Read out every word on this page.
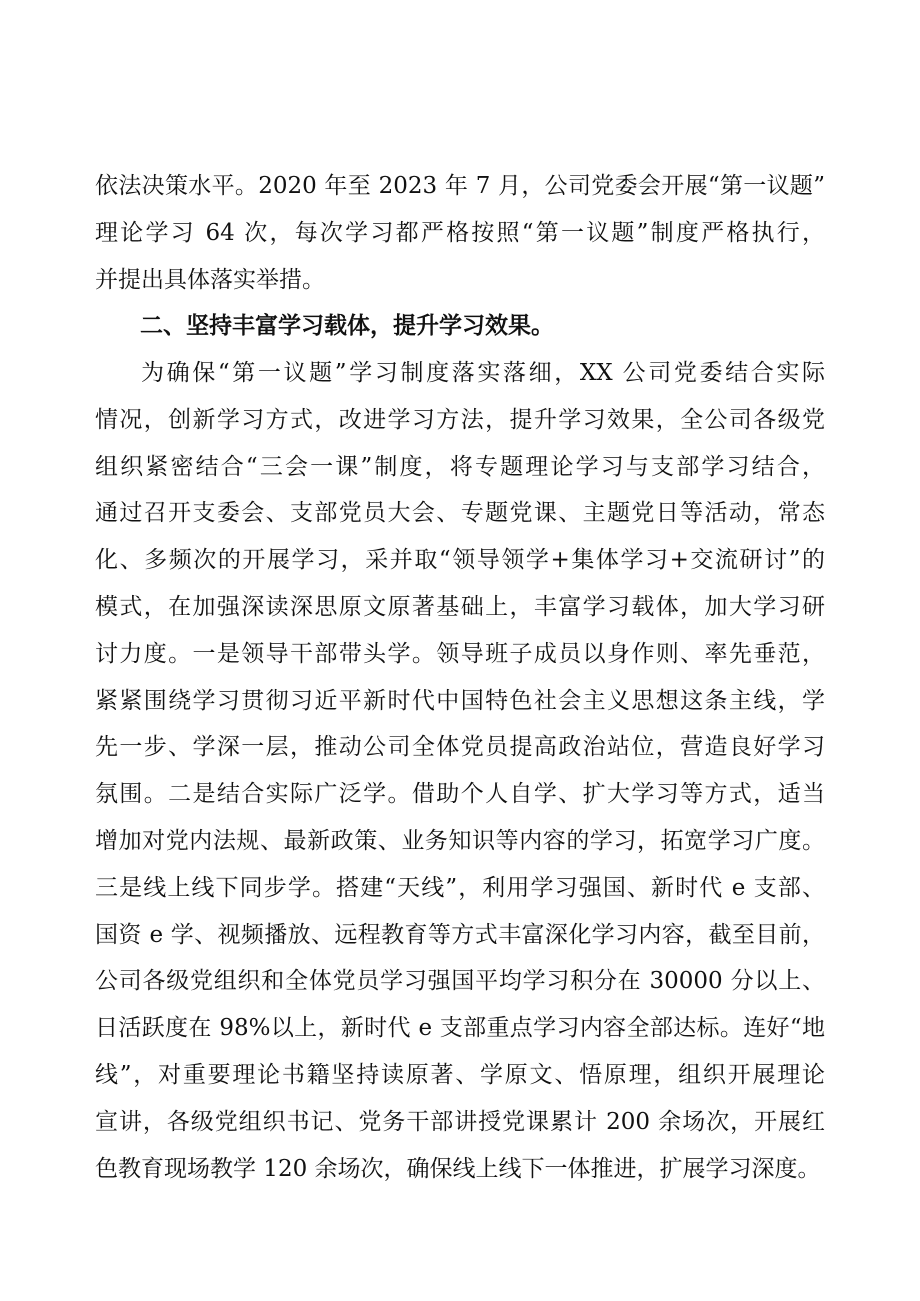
依法决策水平。2020 年至 2023 年 7 月，公司党委会开展“第一议题”
理论学习 64 次，每次学习都严格按照“第一议题”制度严格执行，
并提出具体落实举措。
二、坚持丰富学习载体，提升学习效果。
为确保“第一议题”学习制度落实落细，XX 公司党委结合实际
情况，创新学习方式，改进学习方法，提升学习效果，全公司各级党
组织紧密结合“三会一课”制度，将专题理论学习与支部学习结合，
通过召开支委会、支部党员大会、专题党课、主题党日等活动，常态
化、多频次的开展学习，采并取“领导领学+集体学习+交流研讨”的
模式，在加强深读深思原文原著基础上，丰富学习载体，加大学习研
讨力度。一是领导干部带头学。领导班子成员以身作则、率先垂范，
紧紧围绕学习贯彻习近平新时代中国特色社会主义思想这条主线，学
先一步、学深一层，推动公司全体党员提高政治站位，营造良好学习
氛围。二是结合实际广泛学。借助个人自学、扩大学习等方式，适当
增加对党内法规、最新政策、业务知识等内容的学习，拓宽学习广度。
三是线上线下同步学。搭建“天线”，利用学习强国、新时代 e 支部、
国资 e 学、视频播放、远程教育等方式丰富深化学习内容，截至目前，
公司各级党组织和全体党员学习强国平均学习积分在 30000 分以上、
日活跃度在 98%以上，新时代 e 支部重点学习内容全部达标。连好“地
线”，对重要理论书籍坚持读原著、学原文、悟原理，组织开展理论
宣讲，各级党组织书记、党务干部讲授党课累计 200 余场次，开展红
色教育现场教学 120 余场次，确保线上线下一体推进，扩展学习深度。
